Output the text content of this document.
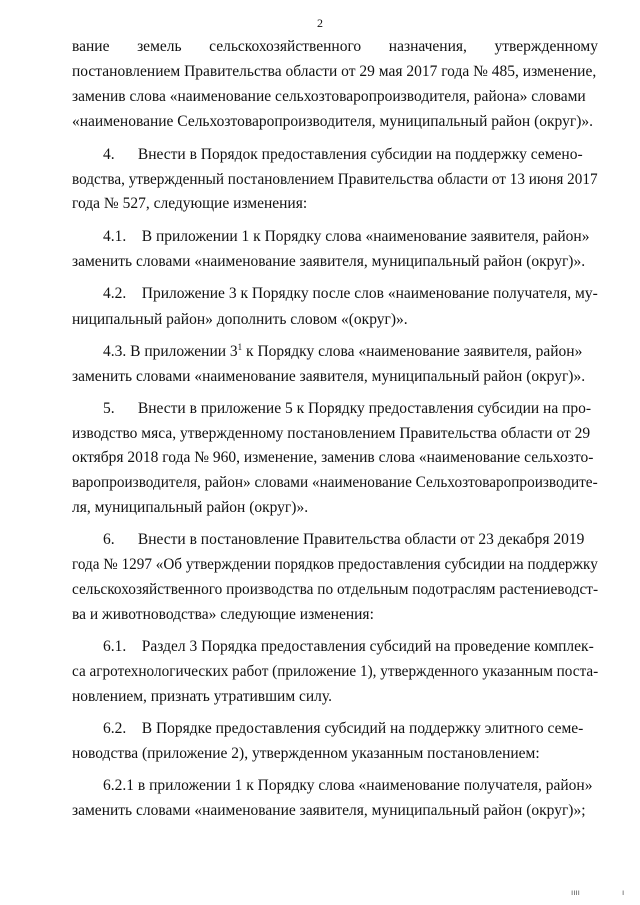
2
вание земель сельскохозяйственного назначения, утвержденному
постановлением Правительства области от 29 мая 2017 года № 485, изменение,
заменив слова «наименование сельхозтоваропроизводителя, района» словами
«наименование Сельхозтоваропроизводителя, муниципальный район (округ)».
4.      Внести в Порядок предоставления субсидии на поддержку семено-
водства, утвержденный постановлением Правительства области от 13 июня 2017
года № 527, следующие изменения:
4.1.    В приложении 1 к Порядку слова «наименование заявителя, район»
заменить словами «наименование заявителя, муниципальный район (округ)».
4.2.    Приложение 3 к Порядку после слов «наименование получателя, му-
ниципальный район» дополнить словом «(округ)».
4.3. В приложении $3^1$ к Порядку слова «наименование заявителя, район»
заменить словами «наименование заявителя, муниципальный район (округ)».
5.      Внести в приложение 5 к Порядку предоставления субсидии на про-
изводство мяса, утвержденному постановлением Правительства области от 29
октября 2018 года № 960, изменение, заменив слова «наименование сельхозто-
варопроизводителя, район» словами «наименование Сельхозтоваропроизводите-
ля, муниципальный район (округ)».
6.      Внести в постановление Правительства области от 23 декабря 2019
года № 1297 «Об утверждении порядков предоставления субсидии на поддержку
сельскохозяйственного производства по отдельным подотраслям растениеводст-
ва и животноводства» следующие изменения:
6.1.    Раздел 3 Порядка предоставления субсидий на проведение комплек-
са агротехнологических работ (приложение 1), утвержденного указанным поста-
новлением, признать утратившим силу.
6.2.    В Порядке предоставления субсидий на поддержку элитного семе-
новодства (приложение 2), утвержденном указанным постановлением:
6.2.1 в приложении 1 к Порядку слова «наименование получателя, район»
заменить словами «наименование заявителя, муниципальный район (округ)»;
ıııı	ı
